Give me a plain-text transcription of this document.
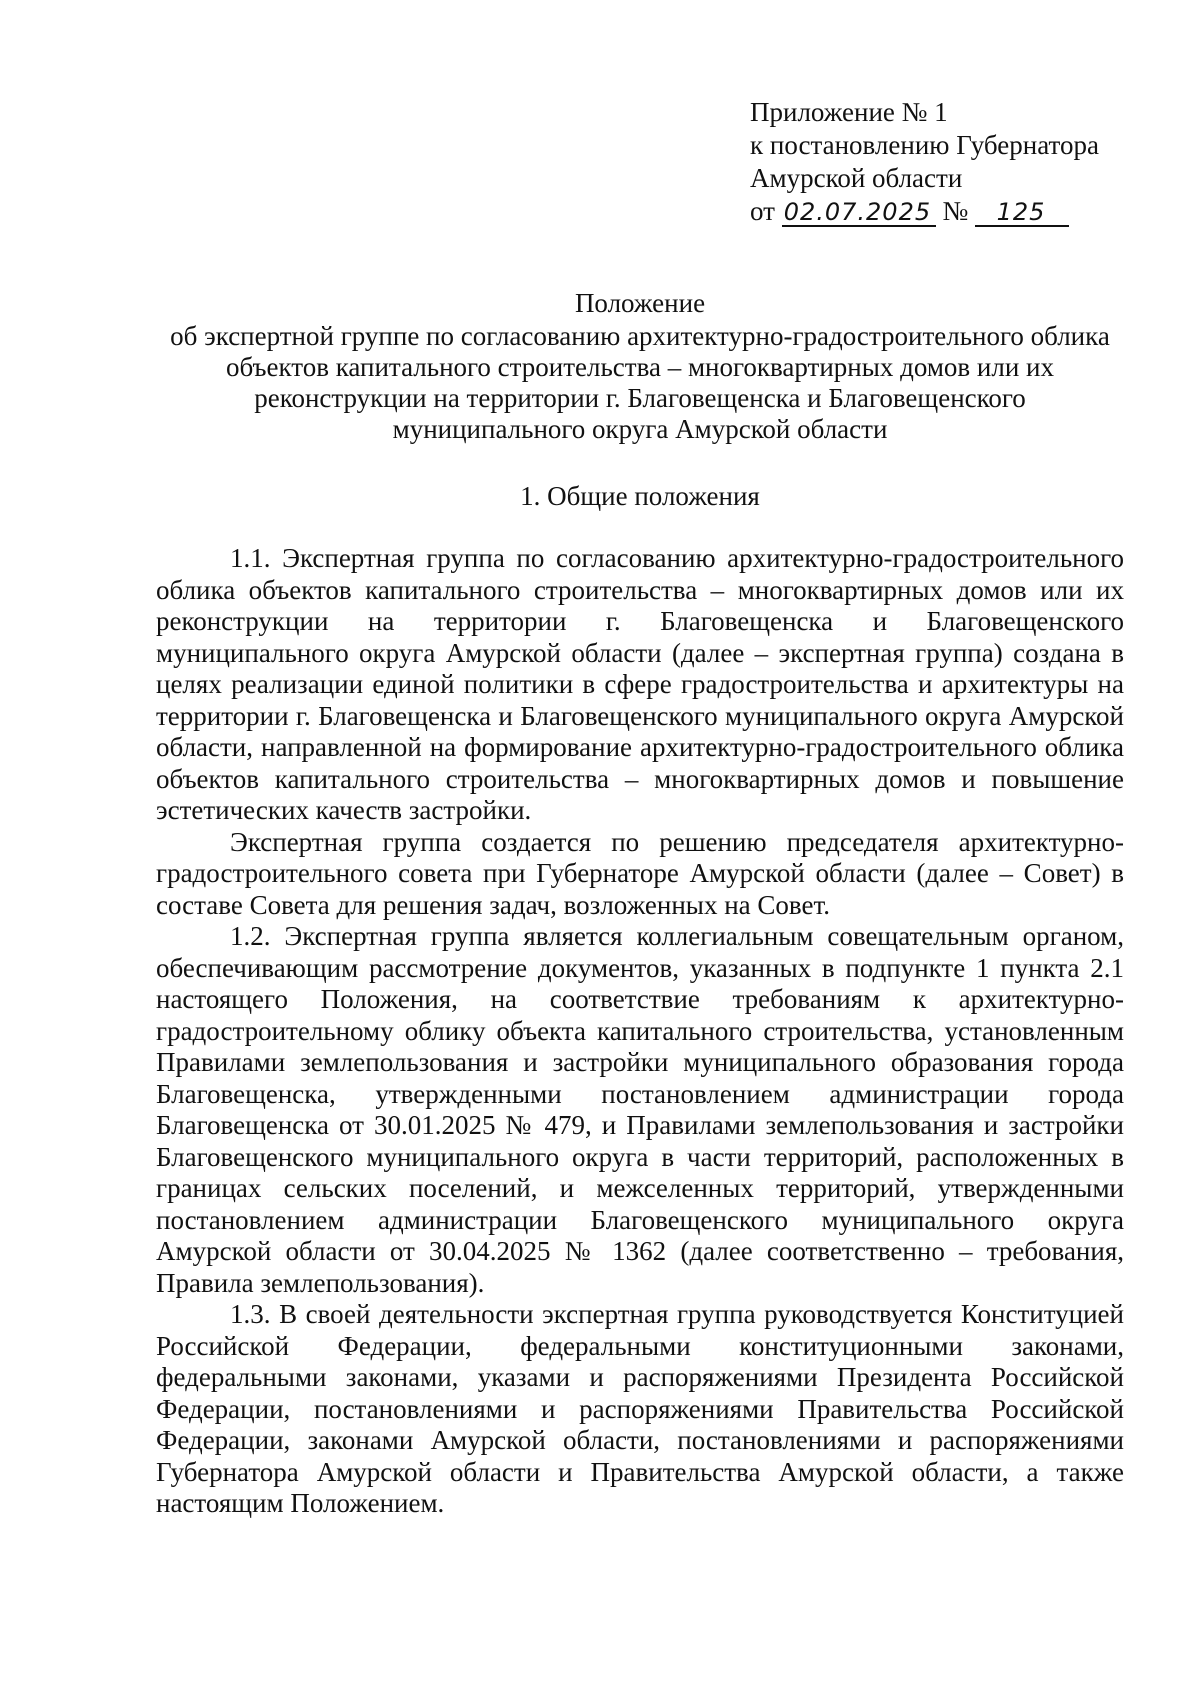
Приложение № 1
к постановлению Губернатора
Амурской области
от 02.07.2025 № 125
Положение
об экспертной группе по согласованию архитектурно-градостроительного облика объектов капитального строительства – многоквартирных домов или их реконструкции на территории г. Благовещенска и Благовещенского муниципального округа Амурской области
1. Общие положения

1.1. Экспертная группа по согласованию архитектурно-градостроительного облика объектов капитального строительства – многоквартирных домов или их реконструкции на территории г. Благовещенска и Благовещенского муниципального округа Амурской области (далее – экспертная группа) создана в целях реализации единой политики в сфере градостроительства и архитектуры на территории г. Благовещенска и Благовещенского муниципального округа Амурской области, направленной на формирование архитектурно-градостроительного облика объектов капитального строительства – многоквартирных домов и повышение эстетических качеств застройки.

Экспертная группа создается по решению председателя архитектурно-градостроительного совета при Губернаторе Амурской области (далее – Совет) в составе Совета для решения задач, возложенных на Совет.

1.2. Экспертная группа является коллегиальным совещательным органом, обеспечивающим рассмотрение документов, указанных в подпункте 1 пункта 2.1 настоящего Положения, на соответствие требованиям к архитектурно-градостроительному облику объекта капитального строительства, установленным Правилами землепользования и застройки муниципального образования города Благовещенска, утвержденными постановлением администрации города Благовещенска от 30.01.2025 № 479, и Правилами землепользования и застройки Благовещенского муниципального округа в части территорий, расположенных в границах сельских поселений, и межселенных территорий, утвержденными постановлением администрации Благовещенского муниципального округа Амурской области от 30.04.2025 № 1362 (далее соответственно – требования, Правила землепользования).

1.3. В своей деятельности экспертная группа руководствуется Конституцией Российской Федерации, федеральными конституционными законами, федеральными законами, указами и распоряжениями Президента Российской Федерации, постановлениями и распоряжениями Правительства Российской Федерации, законами Амурской области, постановлениями и распоряжениями Губернатора Амурской области и Правительства Амурской области, а также настоящим Положением.
